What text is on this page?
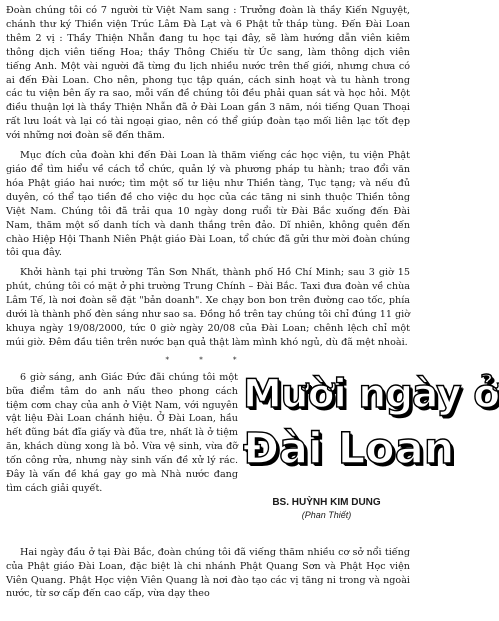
Đoàn chúng tôi có 7 người từ Việt Nam sang : Trưởng đoàn là thầy Kiến Nguyệt, chánh thư ký Thiền viện Trúc Lâm Đà Lạt và 6 Phật tử tháp tùng. Đến Đài Loan thêm 2 vị : Thầy Thiện Nhẫn đang tu học tại đây, sẽ làm hướng dẫn viên kiêm thông dịch viên tiếng Hoa; thầy Thông Chiếu từ Úc sang, làm thông dịch viên tiếng Anh. Một vài người đã từng đu lịch nhiều nước trên thế giới, nhưng chưa có ai đến Đài Loan. Cho nên, phong tục tập quán, cách sinh hoạt và tu hành trong các tu viện bên ấy ra sao, mỗi vấn đề chúng tôi đều phải quan sát và học hỏi. Một điều thuận lợi là thầy Thiện Nhẫn đã ở Đài Loan gần 3 năm, nói tiếng Quan Thoại rất lưu loát và lại có tài ngoại giao, nên có thể giúp đoàn tạo mối liên lạc tốt đẹp với những nơi đoàn sẽ đến thăm.

Mục đích của đoàn khi đến Đài Loan là thăm viếng các học viện, tu viện Phật giáo để tìm hiểu về cách tổ chức, quản lý và phương pháp tu hành; trao đổi văn hóa Phật giáo hai nước; tìm một số tư liệu như Thiền tàng, Tục tạng; và nếu đủ duyên, có thể tạo tiền đề cho việc du học của các tăng ni sinh thuộc Thiền tông Việt Nam. Chúng tôi đã trải qua 10 ngày dong ruổi từ Đài Bắc xuống đến Đài Nam, thăm một số danh tích và danh thắng trên đảo. Dĩ nhiên, không quên đến chào Hiệp Hội Thanh Niên Phật giáo Đài Loan, tổ chức đã gửi thư mời đoàn chúng tôi qua đây.

Khởi hành tại phi trường Tân Sơn Nhất, thành phố Hồ Chí Minh; sau 3 giờ 15 phút, chúng tôi có mặt ở phi trường Trung Chính – Đài Bắc. Taxi đưa đoàn về chùa Lâm Tế, là nơi đoàn sẽ đặt "bản doanh". Xe chạy bon bon trên đường cao tốc, phía dưới là thành phố đèn sáng như sao sa. Đồng hồ trên tay chúng tôi chỉ đúng 11 giờ khuya ngày 19/08/2000, tức 0 giờ ngày 20/08 của Đài Loan; chênh lệch chỉ một múi giờ. Đêm đầu tiên trên nước bạn quả thật làm mình khó ngủ, dù đã mệt nhoài.

* * *

6 giờ sáng, anh Giác Đức đãi chúng tôi một bữa điểm tâm do anh nấu theo phong cách tiệm cơm chay của anh ở Việt Nam, với nguyên vật liệu Đài Loan chánh hiệu. Ở Đài Loan, hầu hết đũng bát đĩa giấy và đũa tre, nhất là ở tiệm ăn, khách dùng xong là bỏ. Vừa vệ sinh, vừa đỡ tốn công rửa, nhưng này sinh vấn đề xử lý rác. Đây là vấn đề khá gay go mà Nhà nước đang tìm cách giải quyết.

Mười ngày ở
Đài Loan
BS. HUỲNH KIM DUNG
(Phan Thiết)

Hai ngày đầu ở tại Đài Bắc, đoàn chúng tôi đã viếng thăm nhiều cơ sở nổi tiếng của Phật giáo Đài Loan, đặc biệt là chi nhánh Phật Quang Sơn và Phật Học viện Viên Quang. Phật Học viện Viên Quang là nơi đào tạo các vị tăng ni trong và ngoài nước, từ sơ cấp đến cao cấp, vừa dạy theo
